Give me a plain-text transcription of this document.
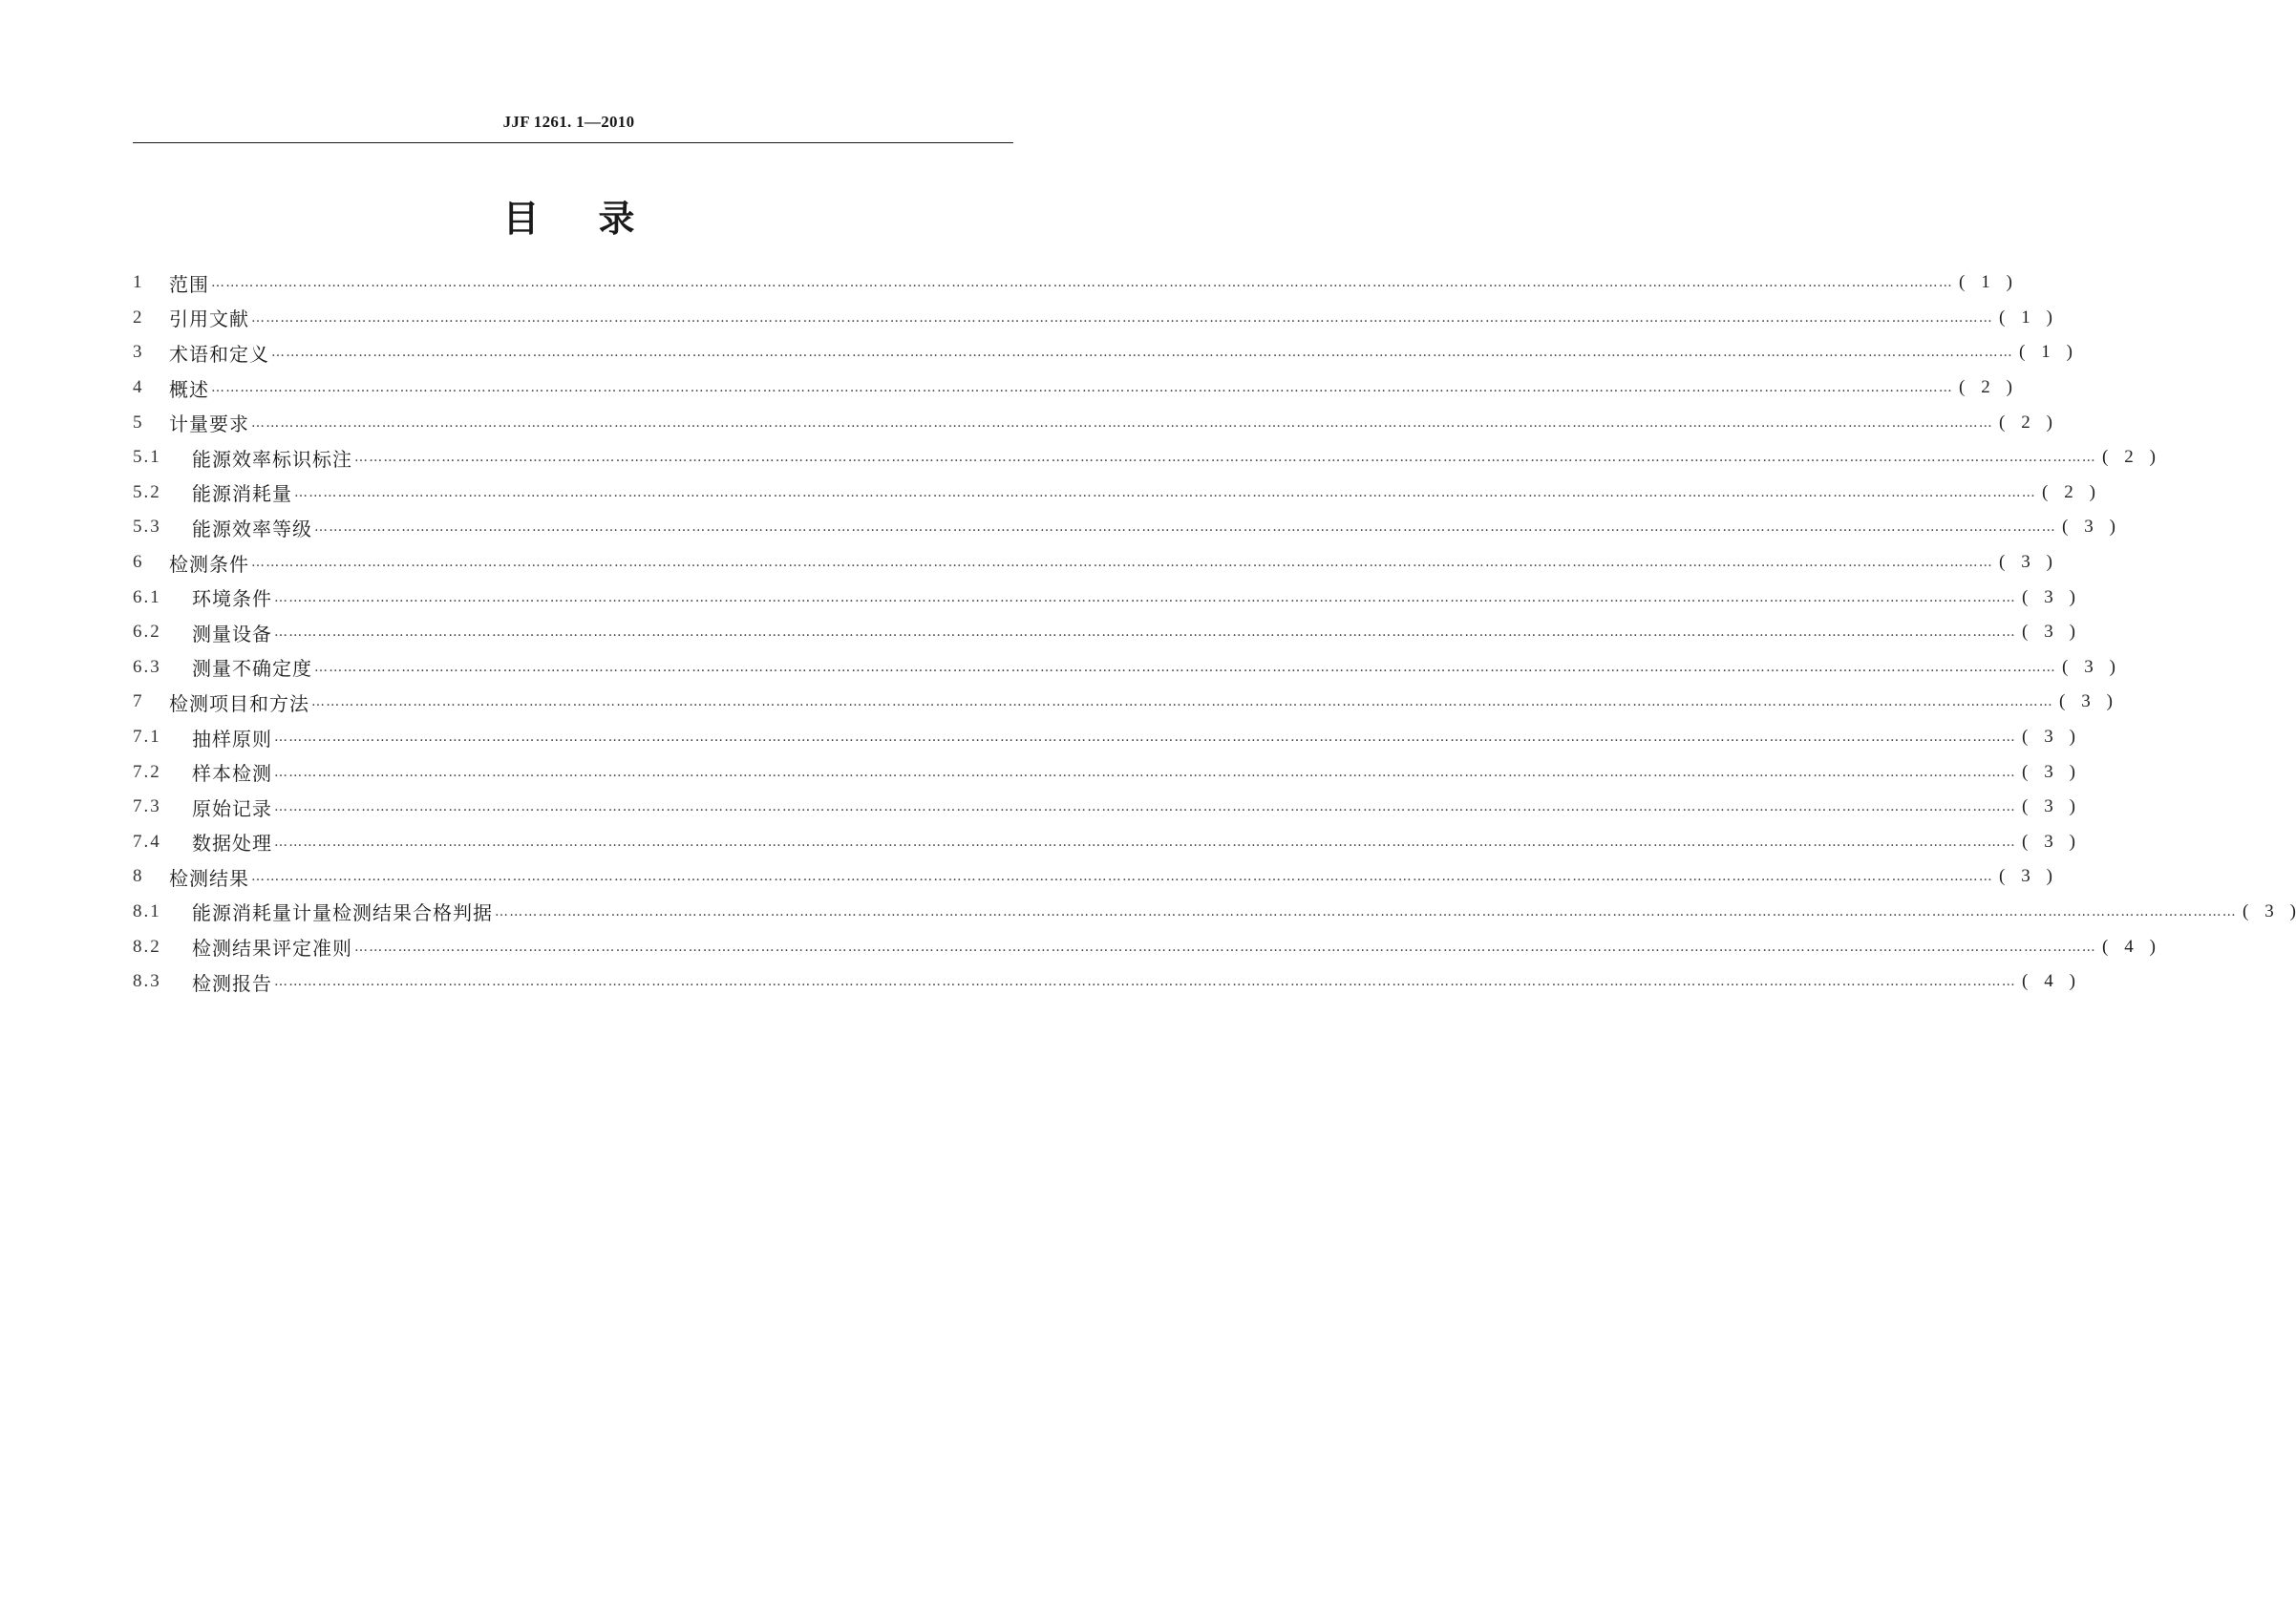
JJF 1261. 1—2010
目录
1	范围 ……………………………………………………………………………………………………………………………………………………………………………………………………………………………………………………………………………………………………………………………… ( 1 )
2	引用文献 ……………………………………………………………………………………………………………………………………………………………………………………………………………………………………………………………………………………………………………………………… ( 1 )
3	术语和定义 ……………………………………………………………………………………………………………………………………………………………………………………………………………………………………………………………………………………………………………………………… ( 1 )
4	概述 ……………………………………………………………………………………………………………………………………………………………………………………………………………………………………………………………………………………………………………………………… ( 2 )
5	计量要求 ……………………………………………………………………………………………………………………………………………………………………………………………………………………………………………………………………………………………………………………………… ( 2 )
5.1	能源效率标识标注 ……………………………………………………………………………………………………………………………………………………………………………………………………………………………………………………………………………………………………………………………… ( 2 )
5.2	能源消耗量 ……………………………………………………………………………………………………………………………………………………………………………………………………………………………………………………………………………………………………………………………… ( 2 )
5.3	能源效率等级 ……………………………………………………………………………………………………………………………………………………………………………………………………………………………………………………………………………………………………………………………… ( 3 )
6	检测条件 ……………………………………………………………………………………………………………………………………………………………………………………………………………………………………………………………………………………………………………………………… ( 3 )
6.1	环境条件 ……………………………………………………………………………………………………………………………………………………………………………………………………………………………………………………………………………………………………………………………… ( 3 )
6.2	测量设备 ……………………………………………………………………………………………………………………………………………………………………………………………………………………………………………………………………………………………………………………………… ( 3 )
6.3	测量不确定度 ……………………………………………………………………………………………………………………………………………………………………………………………………………………………………………………………………………………………………………………………… ( 3 )
7	检测项目和方法 ……………………………………………………………………………………………………………………………………………………………………………………………………………………………………………………………………………………………………………………………… ( 3 )
7.1	抽样原则 ……………………………………………………………………………………………………………………………………………………………………………………………………………………………………………………………………………………………………………………………… ( 3 )
7.2	样本检测 ……………………………………………………………………………………………………………………………………………………………………………………………………………………………………………………………………………………………………………………………… ( 3 )
7.3	原始记录 ……………………………………………………………………………………………………………………………………………………………………………………………………………………………………………………………………………………………………………………………… ( 3 )
7.4	数据处理 ……………………………………………………………………………………………………………………………………………………………………………………………………………………………………………………………………………………………………………………………… ( 3 )
8	检测结果 ……………………………………………………………………………………………………………………………………………………………………………………………………………………………………………………………………………………………………………………………… ( 3 )
8.1	能源消耗量计量检测结果合格判据 ……………………………………………………………………………………………………………………………………………………………………………………………………………………………………………………………………………………………………………………………… ( 3 )
8.2	检测结果评定准则 ……………………………………………………………………………………………………………………………………………………………………………………………………………………………………………………………………………………………………………………………… ( 4 )
8.3	检测报告 ……………………………………………………………………………………………………………………………………………………………………………………………………………………………………………………………………………………………………………………………… ( 4 )
